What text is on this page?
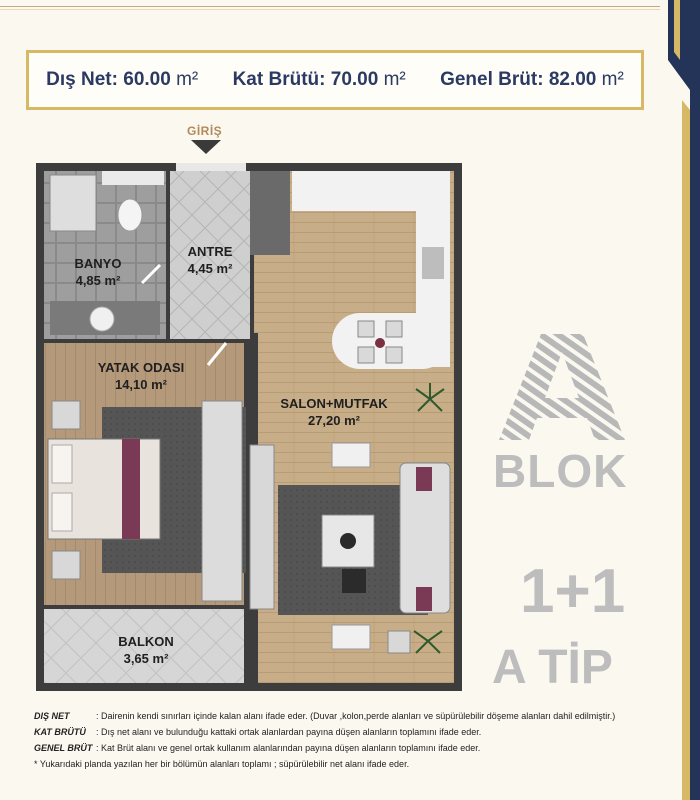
Dış Net: 60.00 m² Kat Brütü: 70.00 m² Genel Brüt: 82.00 m²
GİRİŞ
BANYO
4,85 m²
ANTRE
4,45 m²
YATAK ODASI
14,10 m²
SALON+MUTFAK
27,20 m²
BALKON
3,65 m²
A
BLOK
1+1
A TİP
DIŞ NET	: Dairenin kendi sınırları içinde kalan alanı ifade eder. (Duvar ,kolon,perde alanları ve süpürülebilir döşeme alanları dahil edilmiştir.)
KAT BRÜTÜ	: Dış net alanı ve bulunduğu kattaki ortak alanlardan payına düşen alanların toplamını ifade eder.
GENEL BRÜT : Kat Brüt alanı ve genel ortak kullanım alanlarından payına düşen alanların toplamını ifade eder.
* Yukarıdaki planda yazılan her bir bölümün alanları toplamı ; süpürülebilir net alanı ifade eder.
